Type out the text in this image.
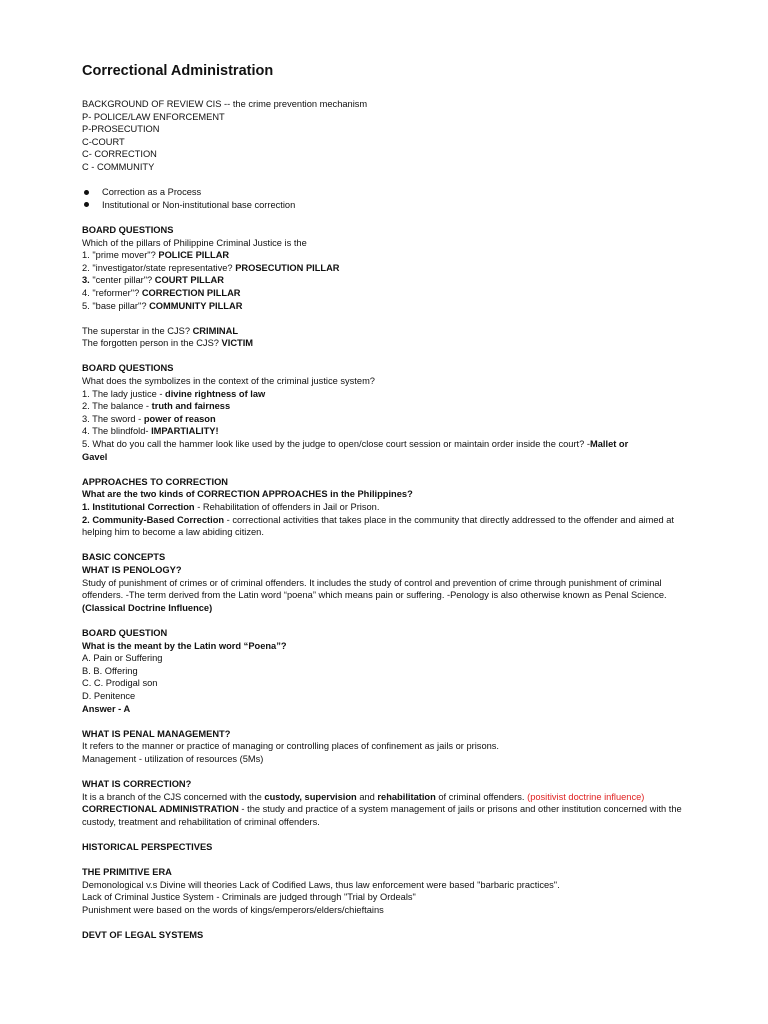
Correctional Administration
BACKGROUND OF REVIEW CIS -- the crime prevention mechanism
P- POLICE/LAW ENFORCEMENT
P-PROSECUTION
C-COURT
C- CORRECTION
C - COMMUNITY
Correction as a Process
Institutional or Non-institutional base correction
BOARD QUESTIONS
Which of the pillars of Philippine Criminal Justice is the
1. "prime mover"? POLICE PILLAR
2. "investigator/state representative? PROSECUTION PILLAR
3. "center pillar"? COURT PILLAR
4. "reformer"? CORRECTION PILLAR
5. "base pillar"? COMMUNITY PILLAR
The superstar in the CJS? CRIMINAL
The forgotten person in the CJS? VICTIM
BOARD QUESTIONS
What does the symbolizes in the context of the criminal justice system?
1. The lady justice - divine rightness of law
2. The balance - truth and fairness
3. The sword - power of reason
4. The blindfold- IMPARTIALITY!
5. What do you call the hammer look like used by the judge to open/close court session or maintain order inside the court? -Mallet or
Gavel
APPROACHES TO CORRECTION
What are the two kinds of CORRECTION APPROACHES in the Philippines?
1. Institutional Correction - Rehabilitation of offenders in Jail or Prison.
2. Community-Based Correction - correctional activities that takes place in the community that directly addressed to the offender and aimed at helping him to become a law abiding citizen.
BASIC CONCEPTS
WHAT IS PENOLOGY?
Study of punishment of crimes or of criminal offenders. It includes the study of control and prevention of crime through punishment of criminal offenders. -The term derived from the Latin word “poena” which means pain or suffering. -Penology is also otherwise known as Penal Science.
(Classical Doctrine Influence)
BOARD QUESTION
What is the meant by the Latin word “Poena”?
A. Pain or Suffering
B. B. Offering
C. C. Prodigal son
D. Penitence
Answer - A
WHAT IS PENAL MANAGEMENT?
It refers to the manner or practice of managing or controlling places of confinement as jails or prisons.
Management - utilization of resources (5Ms)
WHAT IS CORRECTION?
It is a branch of the CJS concerned with the custody, supervision and rehabilitation of criminal offenders. (positivist doctrine influence)
CORRECTIONAL ADMINISTRATION - the study and practice of a system management of jails or prisons and other institution concerned with the custody, treatment and rehabilitation of criminal offenders.
HISTORICAL PERSPECTIVES
THE PRIMITIVE ERA
Demonological v.s Divine will theories Lack of Codified Laws, thus law enforcement were based "barbaric practices".
Lack of Criminal Justice System - Criminals are judged through "Trial by Ordeals"
Punishment were based on the words of kings/emperors/elders/chieftains
DEVT OF LEGAL SYSTEMS
